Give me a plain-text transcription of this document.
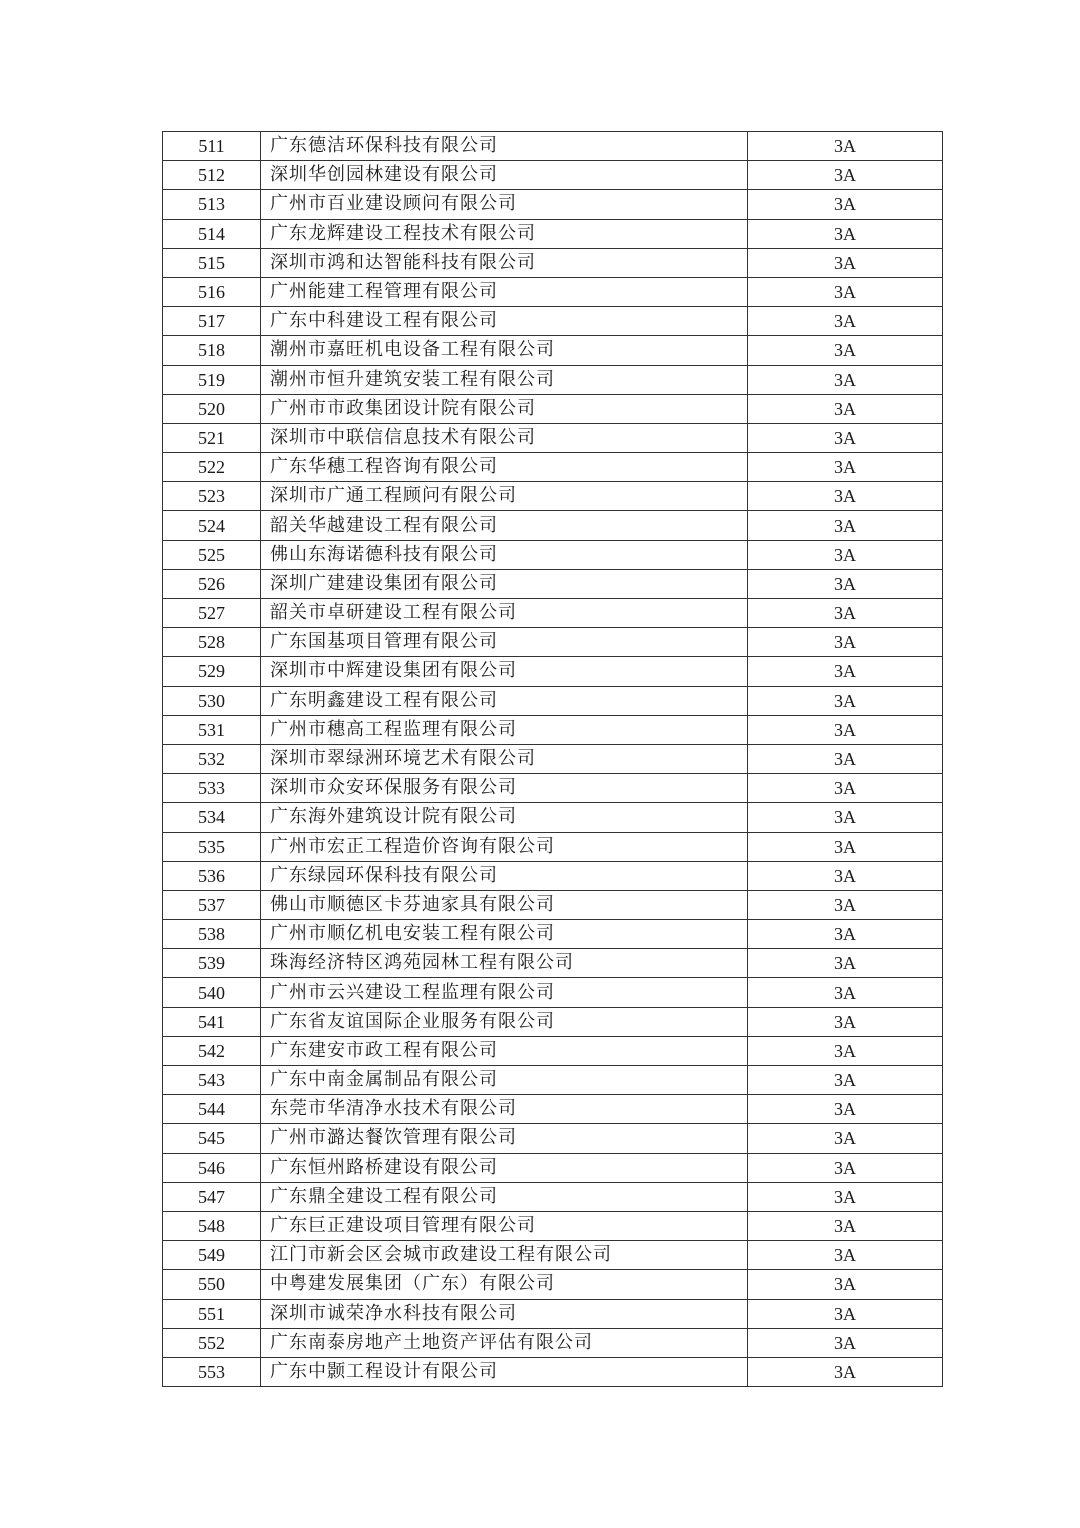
511	广东德洁环保科技有限公司	3A
512	深圳华创园林建设有限公司	3A
513	广州市百业建设顾问有限公司	3A
514	广东龙辉建设工程技术有限公司	3A
515	深圳市鸿和达智能科技有限公司	3A
516	广州能建工程管理有限公司	3A
517	广东中科建设工程有限公司	3A
518	潮州市嘉旺机电设备工程有限公司	3A
519	潮州市恒升建筑安装工程有限公司	3A
520	广州市市政集团设计院有限公司	3A
521	深圳市中联信信息技术有限公司	3A
522	广东华穗工程咨询有限公司	3A
523	深圳市广通工程顾问有限公司	3A
524	韶关华越建设工程有限公司	3A
525	佛山东海诺德科技有限公司	3A
526	深圳广建建设集团有限公司	3A
527	韶关市卓研建设工程有限公司	3A
528	广东国基项目管理有限公司	3A
529	深圳市中辉建设集团有限公司	3A
530	广东明鑫建设工程有限公司	3A
531	广州市穗高工程监理有限公司	3A
532	深圳市翠绿洲环境艺术有限公司	3A
533	深圳市众安环保服务有限公司	3A
534	广东海外建筑设计院有限公司	3A
535	广州市宏正工程造价咨询有限公司	3A
536	广东绿园环保科技有限公司	3A
537	佛山市顺德区卡芬迪家具有限公司	3A
538	广州市顺亿机电安装工程有限公司	3A
539	珠海经济特区鸿苑园林工程有限公司	3A
540	广州市云兴建设工程监理有限公司	3A
541	广东省友谊国际企业服务有限公司	3A
542	广东建安市政工程有限公司	3A
543	广东中南金属制品有限公司	3A
544	东莞市华清净水技术有限公司	3A
545	广州市潞达餐饮管理有限公司	3A
546	广东恒州路桥建设有限公司	3A
547	广东鼎全建设工程有限公司	3A
548	广东巨正建设项目管理有限公司	3A
549	江门市新会区会城市政建设工程有限公司	3A
550	中粤建发展集团（广东）有限公司	3A
551	深圳市诚荣净水科技有限公司	3A
552	广东南泰房地产土地资产评估有限公司	3A
553	广东中颢工程设计有限公司	3A
